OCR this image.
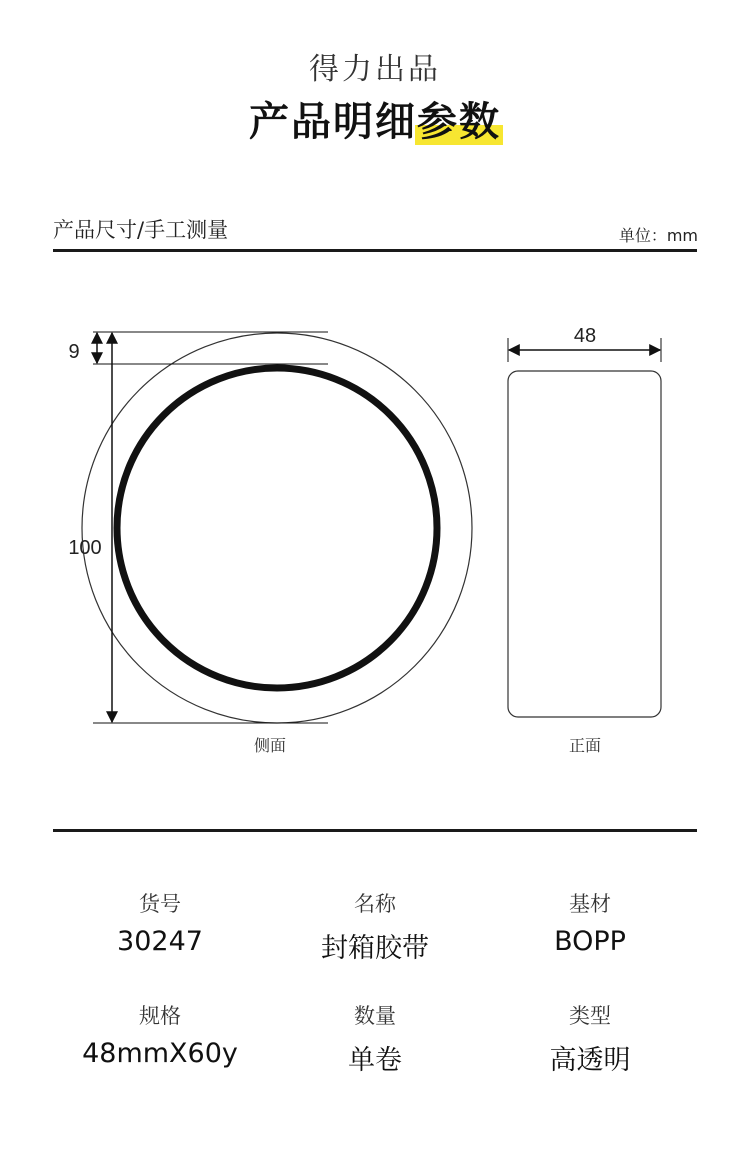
得力出品
产品明细参数
产品尺寸/手工测量	单位：mm
9
100
侧面
48
正面
货号
30247
名称
封箱胶带
基材
BOPP
规格
48mmX60y
数量
单卷
类型
高透明
